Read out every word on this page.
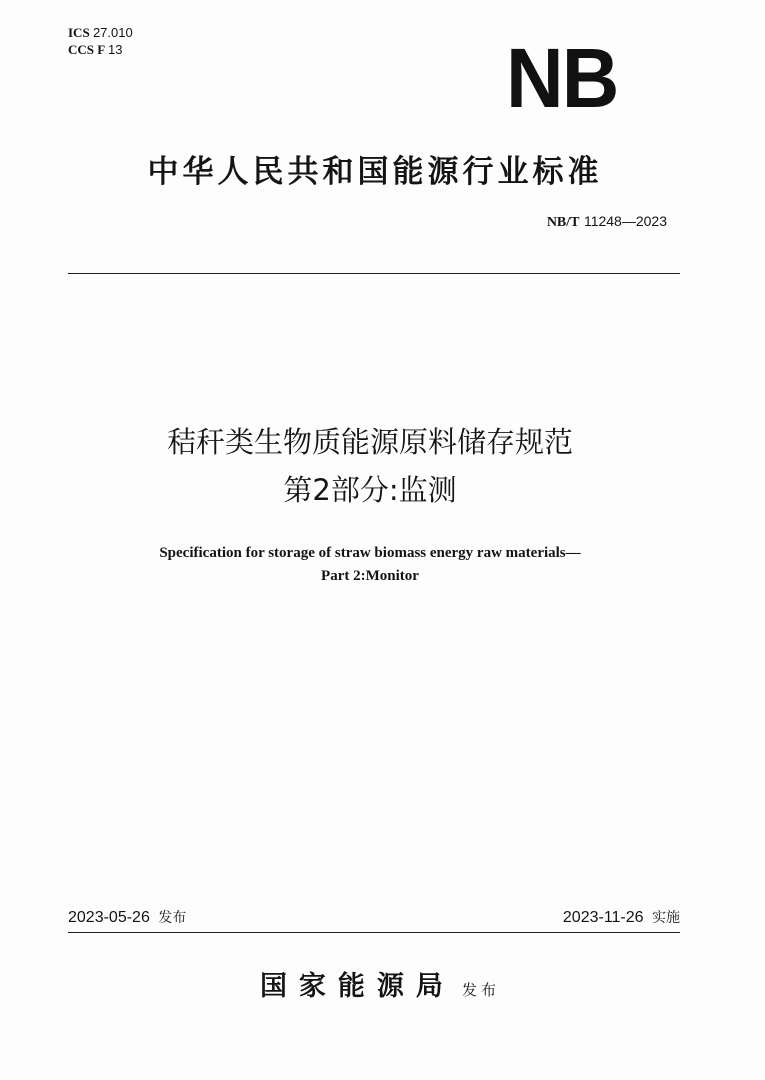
ICS 27.010
CCS F 13	NB
中华人民共和国能源行业标准
NB/T 11248—2023
秸秆类生物质能源原料储存规范
第2部分:监测
Specification for storage of straw biomass energy raw materials—
Part 2:Monitor
2023-05-26 发布	2023-11-26 实施
国家能源局 发布
